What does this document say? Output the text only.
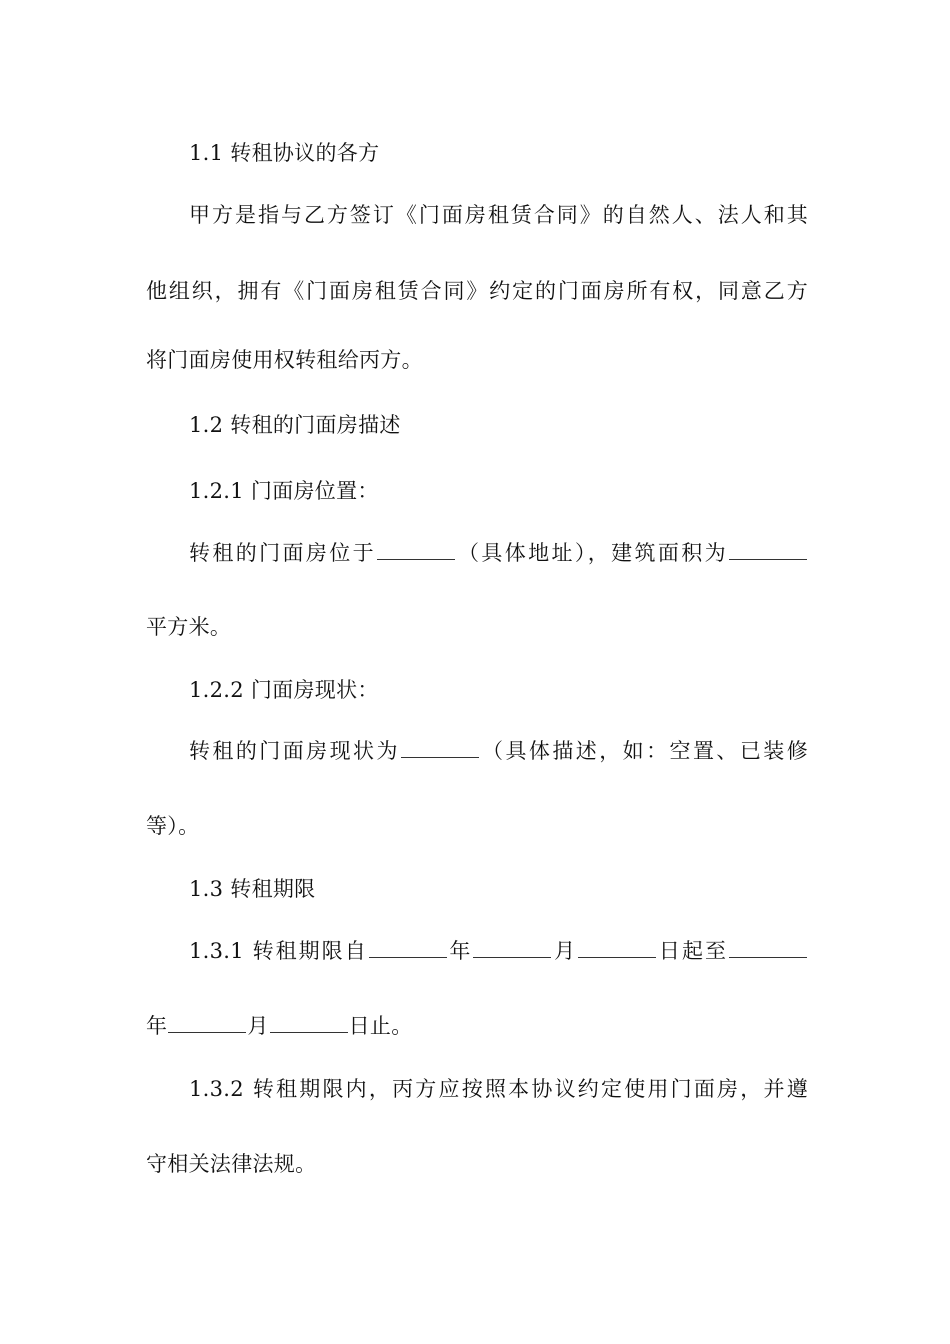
1.1 转租协议的各方
甲方是指与乙方签订《门面房租赁合同》的自然人、法人和其
他组织，拥有《门面房租赁合同》约定的门面房所有权，同意乙方
将门面房使用权转租给丙方。
1.2 转租的门面房描述
1.2.1 门面房位置：
转租的门面房位于	（具体地址），建筑面积为
平方米。
1.2.2 门面房现状：
转租的门面房现状为	（具体描述，如：空置、已装修
等）。
1.3 转租期限
1.3.1 转租期限自	年	月	日起至
年	月	日止。
1.3.2 转租期限内，丙方应按照本协议约定使用门面房，并遵
守相关法律法规。
